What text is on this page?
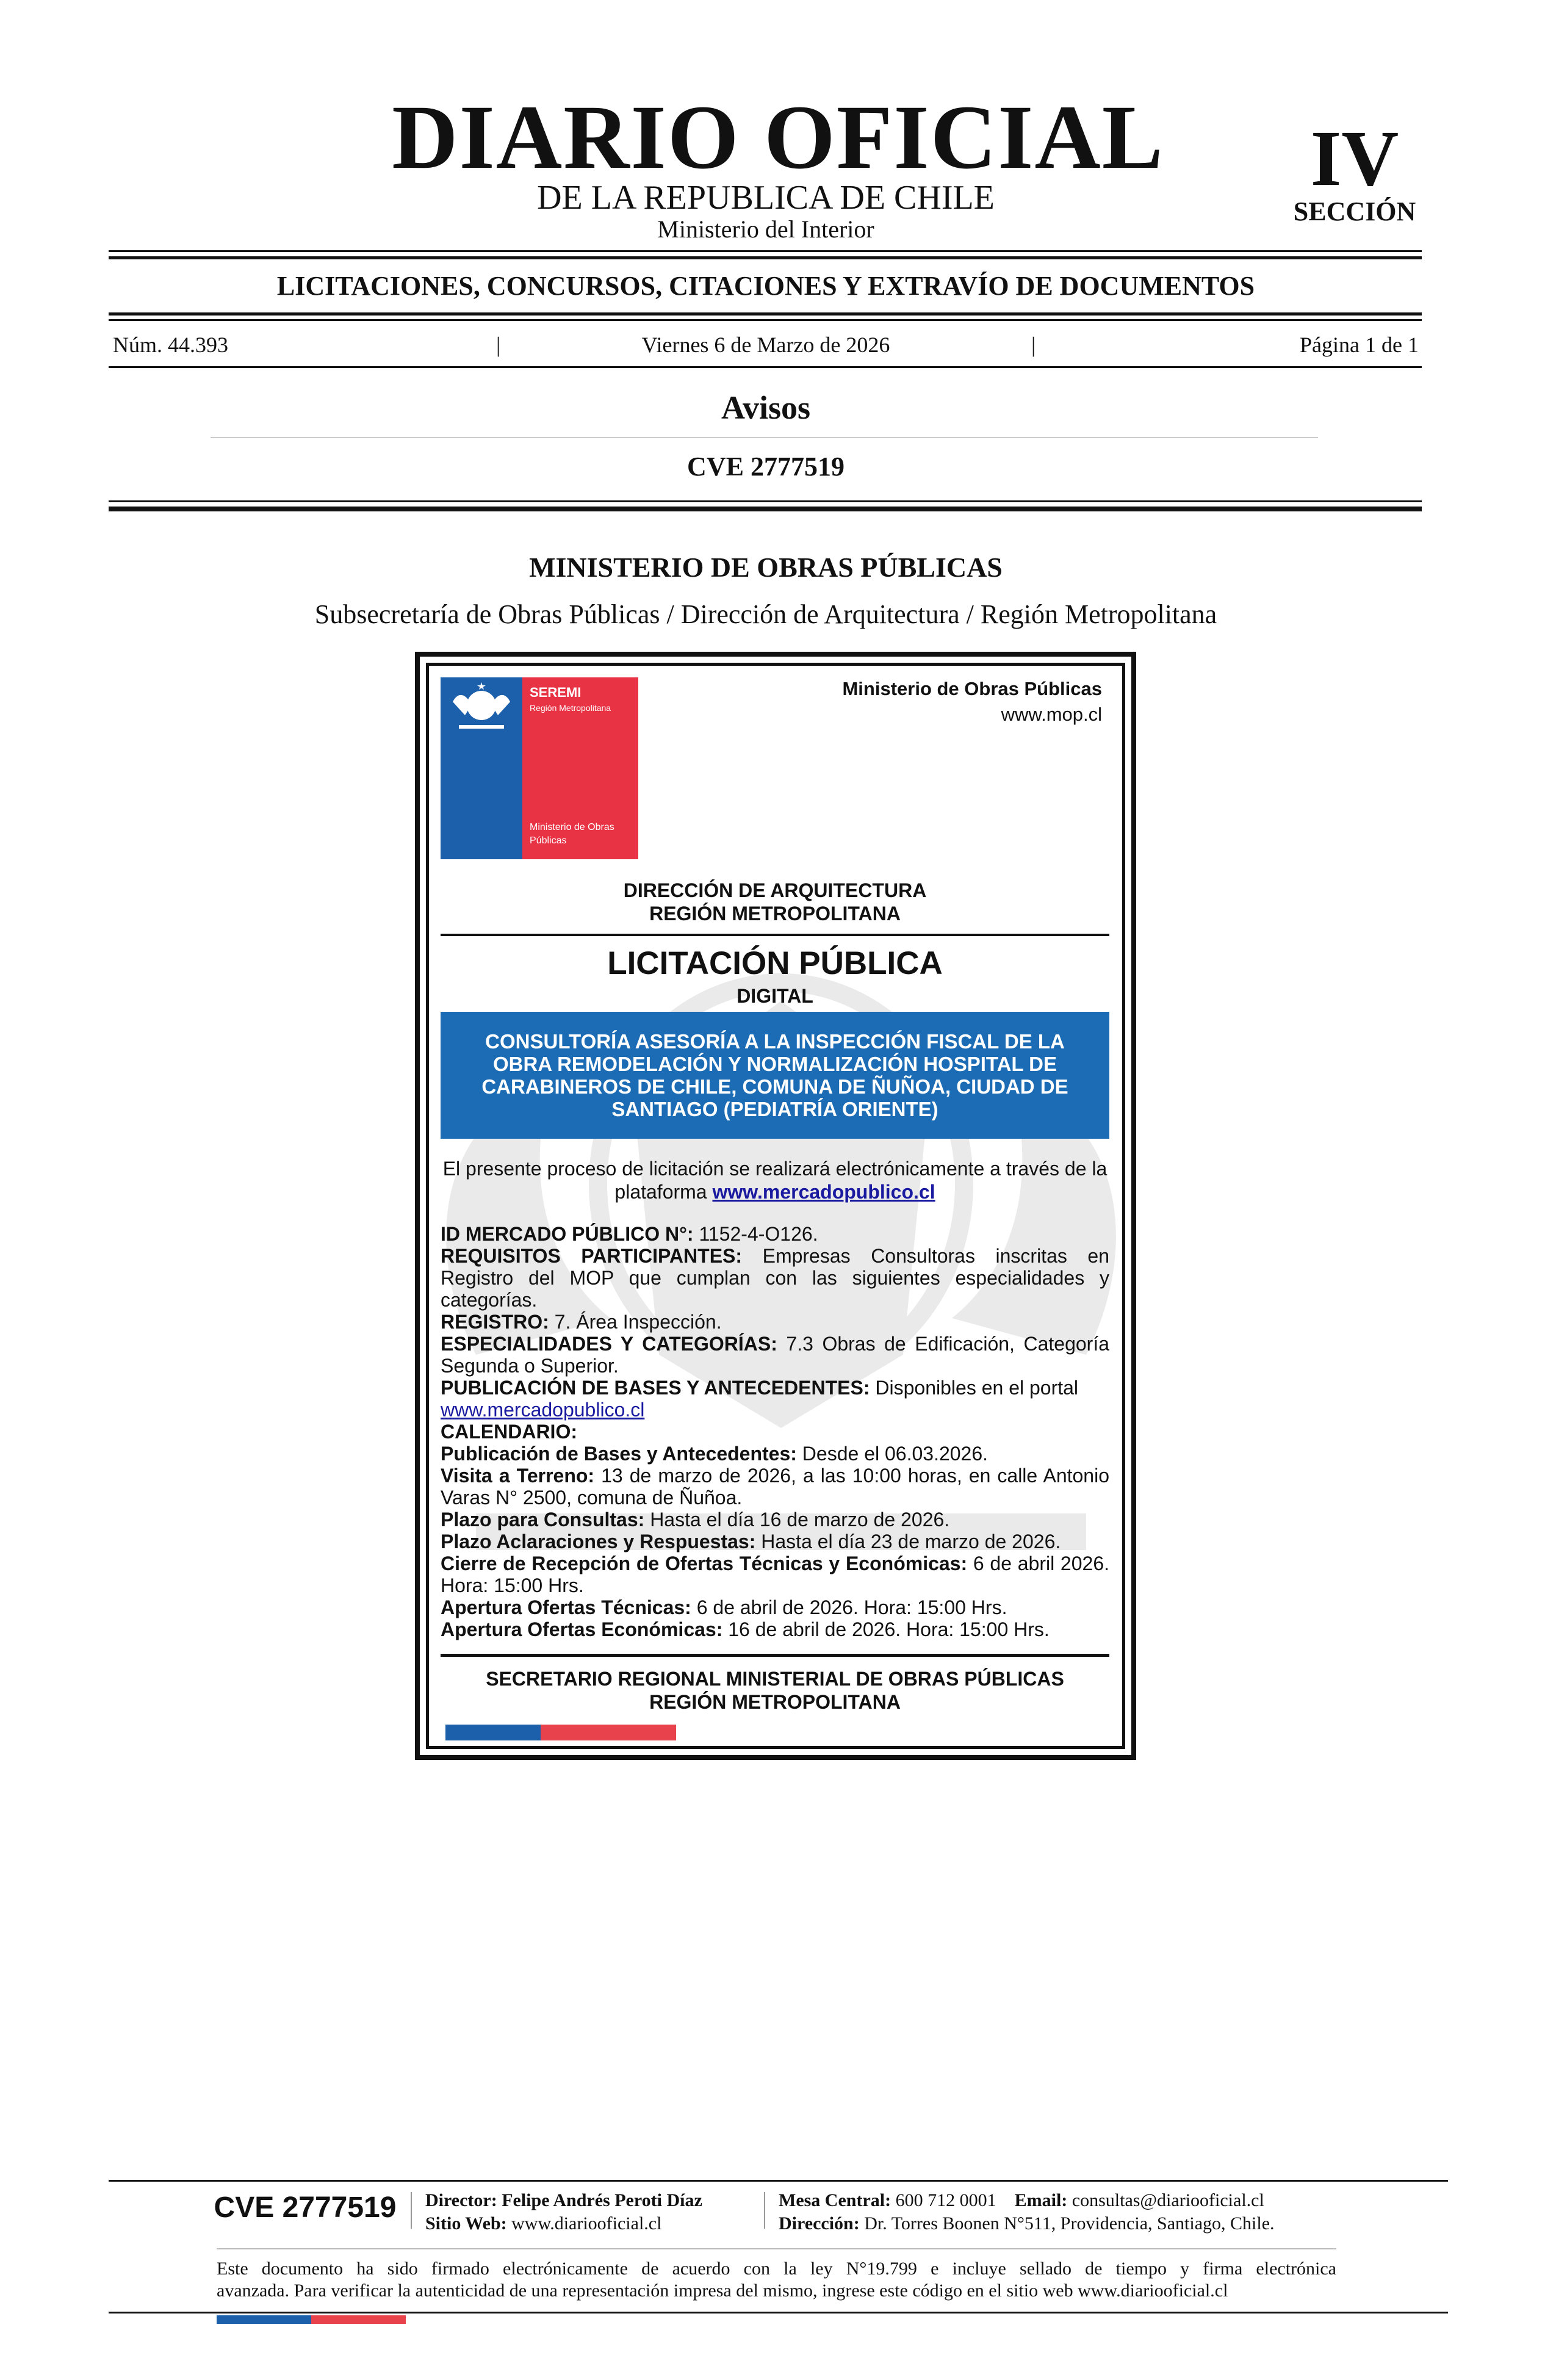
DIARIO OFICIAL
DE LA REPUBLICA DE CHILE
Ministerio del Interior
IV
SECCIÓN
LICITACIONES, CONCURSOS, CITACIONES Y EXTRAVÍO DE DOCUMENTOS
Núm. 44.393	|	Viernes 6 de Marzo de 2026	|	Página 1 de 1
Avisos
CVE 2777519
MINISTERIO DE OBRAS PÚBLICAS
Subsecretaría de Obras Públicas / Dirección de Arquitectura / Región Metropolitana
SEREMI
Región Metropolitana
Ministerio de Obras Públicas
Ministerio de Obras Públicas
www.mop.cl
DIRECCIÓN DE ARQUITECTURA
REGIÓN METROPOLITANA
LICITACIÓN PÚBLICA
DIGITAL
CONSULTORÍA ASESORÍA A LA INSPECCIÓN FISCAL DE LA OBRA REMODELACIÓN Y NORMALIZACIÓN HOSPITAL DE CARABINEROS DE CHILE, COMUNA DE ÑUÑOA, CIUDAD DE SANTIAGO (PEDIATRÍA ORIENTE)
El presente proceso de licitación se realizará electrónicamente a través de la plataforma www.mercadopublico.cl

ID MERCADO PÚBLICO N°: 1152-4-O126.

REQUISITOS PARTICIPANTES: Empresas Consultoras inscritas en Registro del MOP que cumplan con las siguientes especialidades y categorías.

REGISTRO: 7. Área Inspección.

ESPECIALIDADES Y CATEGORÍAS: 7.3 Obras de Edificación, Categoría Segunda o Superior.

PUBLICACIÓN DE BASES Y ANTECEDENTES: Disponibles en el portal

www.mercadopublico.cl

CALENDARIO:

Publicación de Bases y Antecedentes: Desde el 06.03.2026.

Visita a Terreno: 13 de marzo de 2026, a las 10:00 horas, en calle Antonio Varas N° 2500, comuna de Ñuñoa.

Plazo para Consultas: Hasta el día 16 de marzo de 2026.

Plazo Aclaraciones y Respuestas: Hasta el día 23 de marzo de 2026.

Cierre de Recepción de Ofertas Técnicas y Económicas: 6 de abril 2026. Hora: 15:00 Hrs.

Apertura Ofertas Técnicas: 6 de abril de 2026. Hora: 15:00 Hrs.

Apertura Ofertas Económicas: 16 de abril de 2026. Hora: 15:00 Hrs.

SECRETARIO REGIONAL MINISTERIAL DE OBRAS PÚBLICAS
REGIÓN METROPOLITANA
CVE 2777519	Director: Felipe Andrés Peroti Díaz
Sitio Web: www.diariooficial.cl
Mesa Central: 600 712 0001 Email: consultas@diariooficial.cl
Dirección: Dr. Torres Boonen N°511, Providencia, Santiago, Chile.
Este documento ha sido firmado electrónicamente de acuerdo con la ley N°19.799 e incluye sellado de tiempo y firma electrónica
avanzada. Para verificar la autenticidad de una representación impresa del mismo, ingrese este código en el sitio web www.diariooficial.cl
